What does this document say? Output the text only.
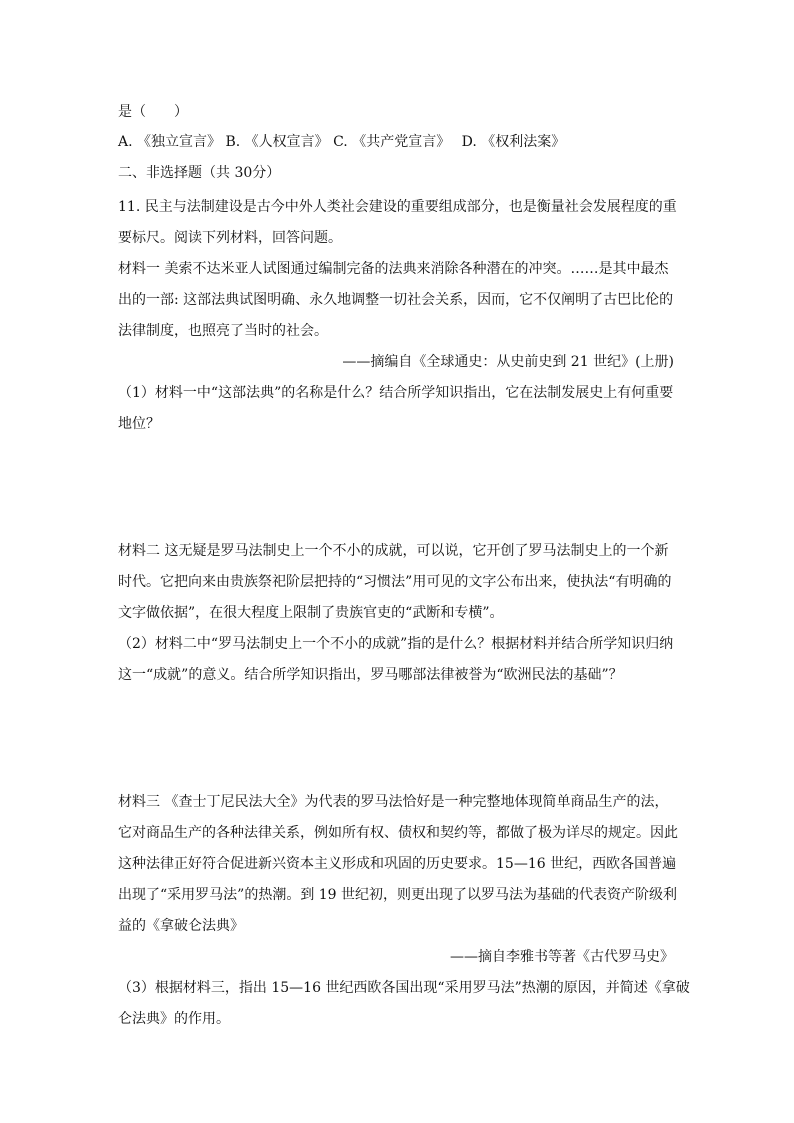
是（　　）
A. 《独立宣言》 B. 《人权宣言》 C. 《共产党宣言》　 D. 《权利法案》
二、非选择题（共 30分）
11. 民主与法制建设是古今中外人类社会建设的重要组成部分，也是衡量社会发展程度的重
要标尺。阅读下列材料，回答问题。
材料一 美索不达米亚人试图通过编制完备的法典来消除各种潜在的冲突。……是其中最杰
出的一部: 这部法典试图明确、永久地调整一切社会关系，因而，它不仅阐明了古巴比伦的
法律制度，也照亮了当时的社会。
——摘编自《全球通史：从史前史到 21 世纪》(上册)
（1）材料一中“这部法典”的名称是什么？结合所学知识指出，它在法制发展史上有何重要
地位？
材料二 这无疑是罗马法制史上一个不小的成就，可以说，它开创了罗马法制史上的一个新
时代。它把向来由贵族祭祀阶层把持的“习惯法”用可见的文字公布出来，使执法“有明确的
文字做依据”，在很大程度上限制了贵族官吏的“武断和专横”。
（2）材料二中“罗马法制史上一个不小的成就”指的是什么？根据材料并结合所学知识归纳
这一“成就”的意义。结合所学知识指出，罗马哪部法律被誉为“欧洲民法的基础”？
材料三 《查士丁尼民法大全》为代表的罗马法恰好是一种完整地体现简单商品生产的法，
它对商品生产的各种法律关系，例如所有权、债权和契约等，都做了极为详尽的规定。因此
这种法律正好符合促进新兴资本主义形成和巩固的历史要求。15—16 世纪，西欧各国普遍
出现了“采用罗马法”的热潮。到 19 世纪初，则更出现了以罗马法为基础的代表资产阶级利
益的《拿破仑法典》
——摘自李雅书等著《古代罗马史》
（3）根据材料三，指出 15—16 世纪西欧各国出现“采用罗马法”热潮的原因，并简述《拿破
仑法典》的作用。
